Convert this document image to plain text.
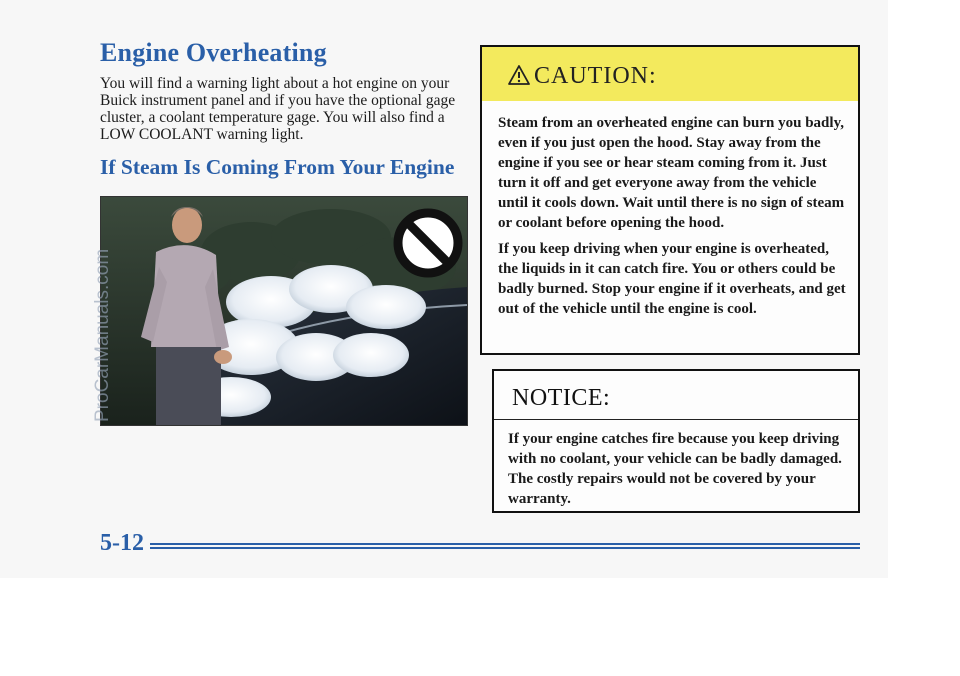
Engine Overheating

You will find a warning light about a hot engine on your Buick instrument panel and if you have the optional gage cluster, a coolant temperature gage. You will also find a LOW COOLANT warning light.

If Steam Is Coming From Your Engine
ProCarManuals.com
CAUTION:

Steam from an overheated engine can burn you badly, even if you just open the hood. Stay away from the engine if you see or hear steam coming from it. Just turn it off and get everyone away from the vehicle until it cools down. Wait until there is no sign of steam or coolant before opening the hood.

If you keep driving when your engine is overheated, the liquids in it can catch fire. You or others could be badly burned. Stop your engine if it overheats, and get out of the vehicle until the engine is cool.

NOTICE:

If your engine catches fire because you keep driving with no coolant, your vehicle can be badly damaged. The costly repairs would not be covered by your warranty.

5-12
